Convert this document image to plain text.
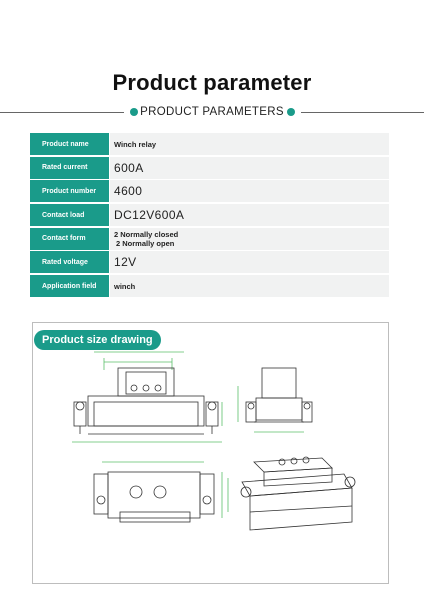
Product parameter
PRODUCT PARAMETERS
Product name	Winch relay
Rated current	600A
Product number	4600
Contact load	DC12V600A
Contact form	2 Normally closed
2 Normally open
Rated voltage	12V
Application field	winch
Product size drawing
